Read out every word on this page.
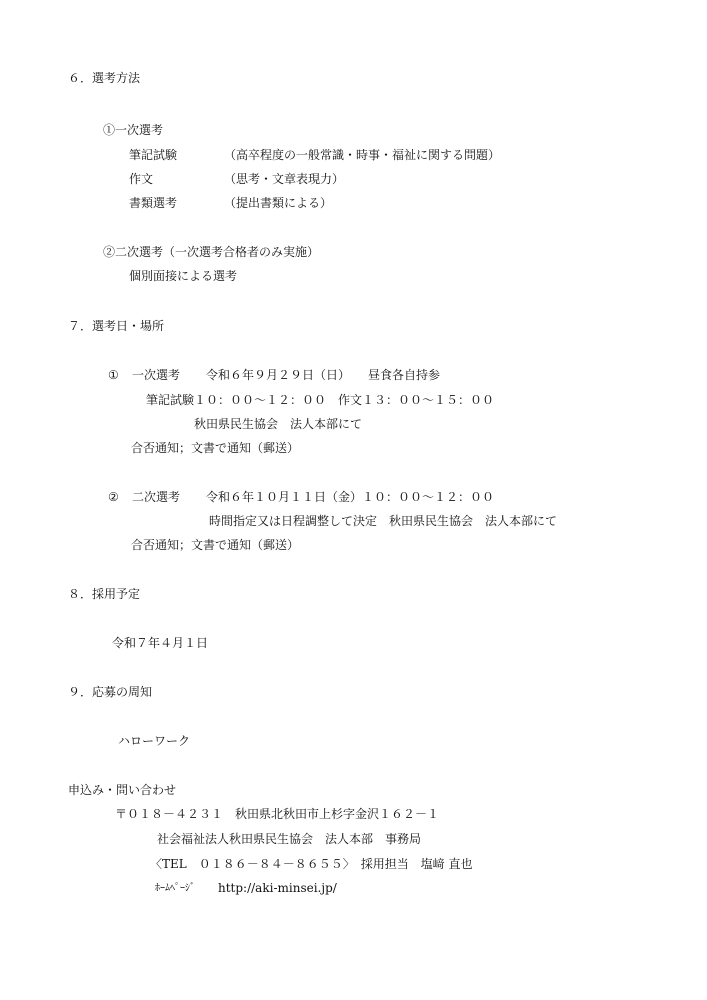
６．選考方法
①一次選考
筆記試験	（高卒程度の一般常識・時事・福祉に関する問題）
作文	（思考・文章表現力）
書類選考	（提出書類による）
②二次選考（一次選考合格者のみ実施）
個別面接による選考
７．選考日・場所
① 一次選考 令和６年９月２９日（日） 昼食各自持参
筆記試験１０：００～１２：００　作文１３：００～１５：００
秋田県民生協会　法人本部にて
合否通知；文書で通知（郵送）
② 二次選考 令和６年１０月１１日（金）１０：００～１２：００
時間指定又は日程調整して決定　秋田県民生協会　法人本部にて
合否通知；文書で通知（郵送）
８．採用予定
令和７年４月１日
９．応募の周知
ハローワーク
申込み・問い合わせ
〒０１８－４２３１　秋田県北秋田市上杉字金沢１６２－１
社会福祉法人秋田県民生協会　法人本部　事務局
〈TEL　０１８６－８４－８６５５〉　採用担当　塩﨑 直也
ﾎｰﾑﾍﾟｰｼﾞ http://aki-minsei.jp/
